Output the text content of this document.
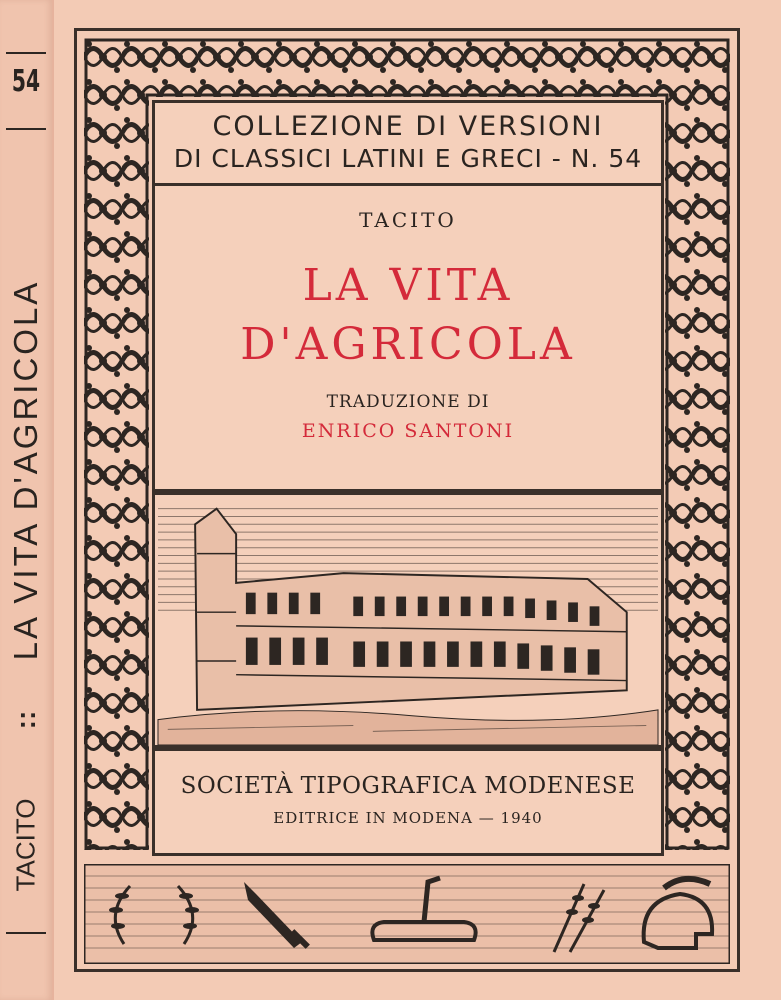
54
LA VITA D'AGRICOLA
::
TACITO
COLLEZIONE DI VERSIONI
DI CLASSICI LATINI E GRECI - N. 54
TACITO
LA VITA
D'AGRICOLA
TRADUZIONE DI
ENRICO SANTONI
SOCIETÀ TIPOGRAFICA MODENESE
EDITRICE IN MODENA — 1940
